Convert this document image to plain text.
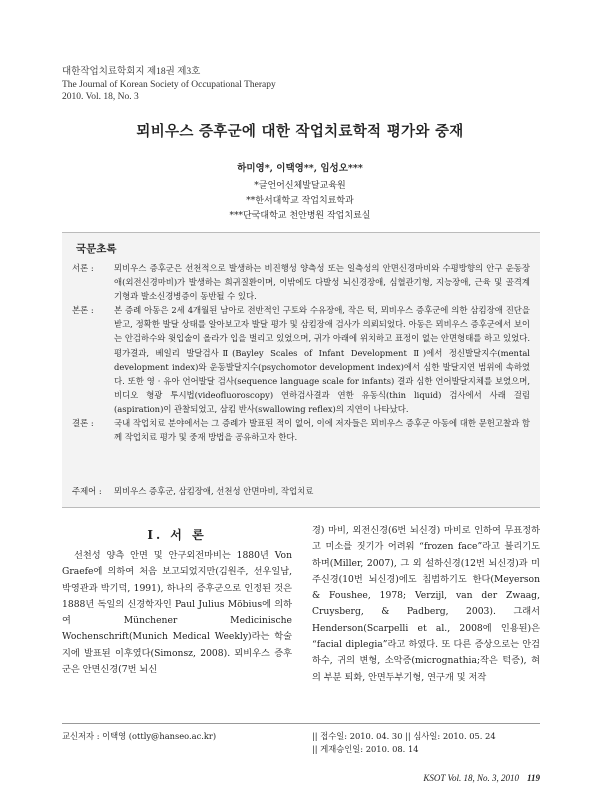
대한작업치료학회지 제18권 제3호
The Journal of Korean Society of Occupational Therapy
2010. Vol. 18, No. 3
뫼비우스 증후군에 대한 작업치료학적 평가와 중재
하미영*, 이택영**, 임성오***
*글언어신체발달교육원
**한서대학교 작업치료학과
***단국대학교 천안병원 작업치료실
국문초록
서론 :	뫼비우스 증후군은 선천적으로 발생하는 비진행성 양측성 또는 일측성의 안면신경마비와 수평방향의 안구 운동장애(외전신경마비)가 발생하는 희귀질환이며, 이밖에도 다발성 뇌신경장애, 심혈관기형, 지능장애, 근육 및 골격계 기형과 발소신경병증이 동반될 수 있다.
본론 :	본 증례 아동은 2세 4개월된 남아로 전반적인 구토와 수유장애, 작은 턱, 뫼비우스 증후군에 의한 삼킴장애 진단을 받고, 정확한 발달 상태를 알아보고자 발달 평가 및 삼킴장애 검사가 의뢰되었다. 아동은 뫼비우스 증후군에서 보이는 안검하수와 윗입술이 올라가 입을 벌리고 있었으며, 귀가 아래에 위치하고 표정이 없는 안면형태를 하고 있었다. 평가결과, 베일리 발달검사Ⅱ(Bayley Scales of Infant Development Ⅱ)에서 정신발달지수(mental development index)와 운동발달지수(psychomotor development index)에서 심한 발달지연 범위에 속하였다. 또한 영 · 유아 언어발달 검사(sequence language scale for infants) 결과 심한 언어발달지체를 보였으며, 비디오 형광 투시법(videofluoroscopy) 연하검사결과 연한 유동식(thin liquid) 검사에서 사래 걸림(aspiration)이 관찰되었고, 삼킴 반사(swallowing reflex)의 지연이 나타났다.
결론 :	국내 작업치료 분야에서는 그 증례가 발표된 적이 없어, 이에 저자들은 뫼비우스 증후군 아동에 대한 문헌고찰과 함께 작업치료 평가 및 중재 방법을 공유하고자 한다.
주제어 :	뫼비우스 증후군, 삼킴장애, 선천성 안면마비, 작업치료
Ⅰ. 서 론
선천성 양측 안면 및 안구외전마비는 1880년 Von Graefe에 의하여 처음 보고되었지만(김원주, 선우일남, 박영관과 박기덕, 1991), 하나의 증후군으로 인정된 것은 1888년 독일의 신경학자인 Paul Julius Möbius에 의하여 Münchener Medicinische Wochenschrift(Munich Medical Weekly)라는 학술지에 발표된 이후였다(Simonsz, 2008). 뫼비우스 증후군은 안면신경(7번 뇌신
경) 마비, 외전신경(6번 뇌신경) 마비로 인하여 무표정하고 미소를 짓기가 어려워 “frozen face”라고 불리기도 하며(Miller, 2007), 그 외 설하신경(12번 뇌신경)과 미주신경(10번 뇌신경)에도 침범하기도 한다(Meyerson & Foushee, 1978; Verzijl, van der Zwaag, Cruysberg, & Padberg, 2003). 그래서 Henderson(Scarpelli et al., 2008에 인용된)은 “facial diplegia”라고 하였다. 또 다른 증상으로는 안검하수, 귀의 변형, 소악증(micrognathia;작은 턱증), 혀의 부분 퇴화, 안면두부기형, 연구개 및 저작
교신저자 : 이택영 (ottly@hanseo.ac.kr)	|| 접수일: 2010. 04. 30 || 심사일: 2010. 05. 24
|| 게재승인일: 2010. 08. 14
KSOT Vol. 18, No. 3, 2010 119
